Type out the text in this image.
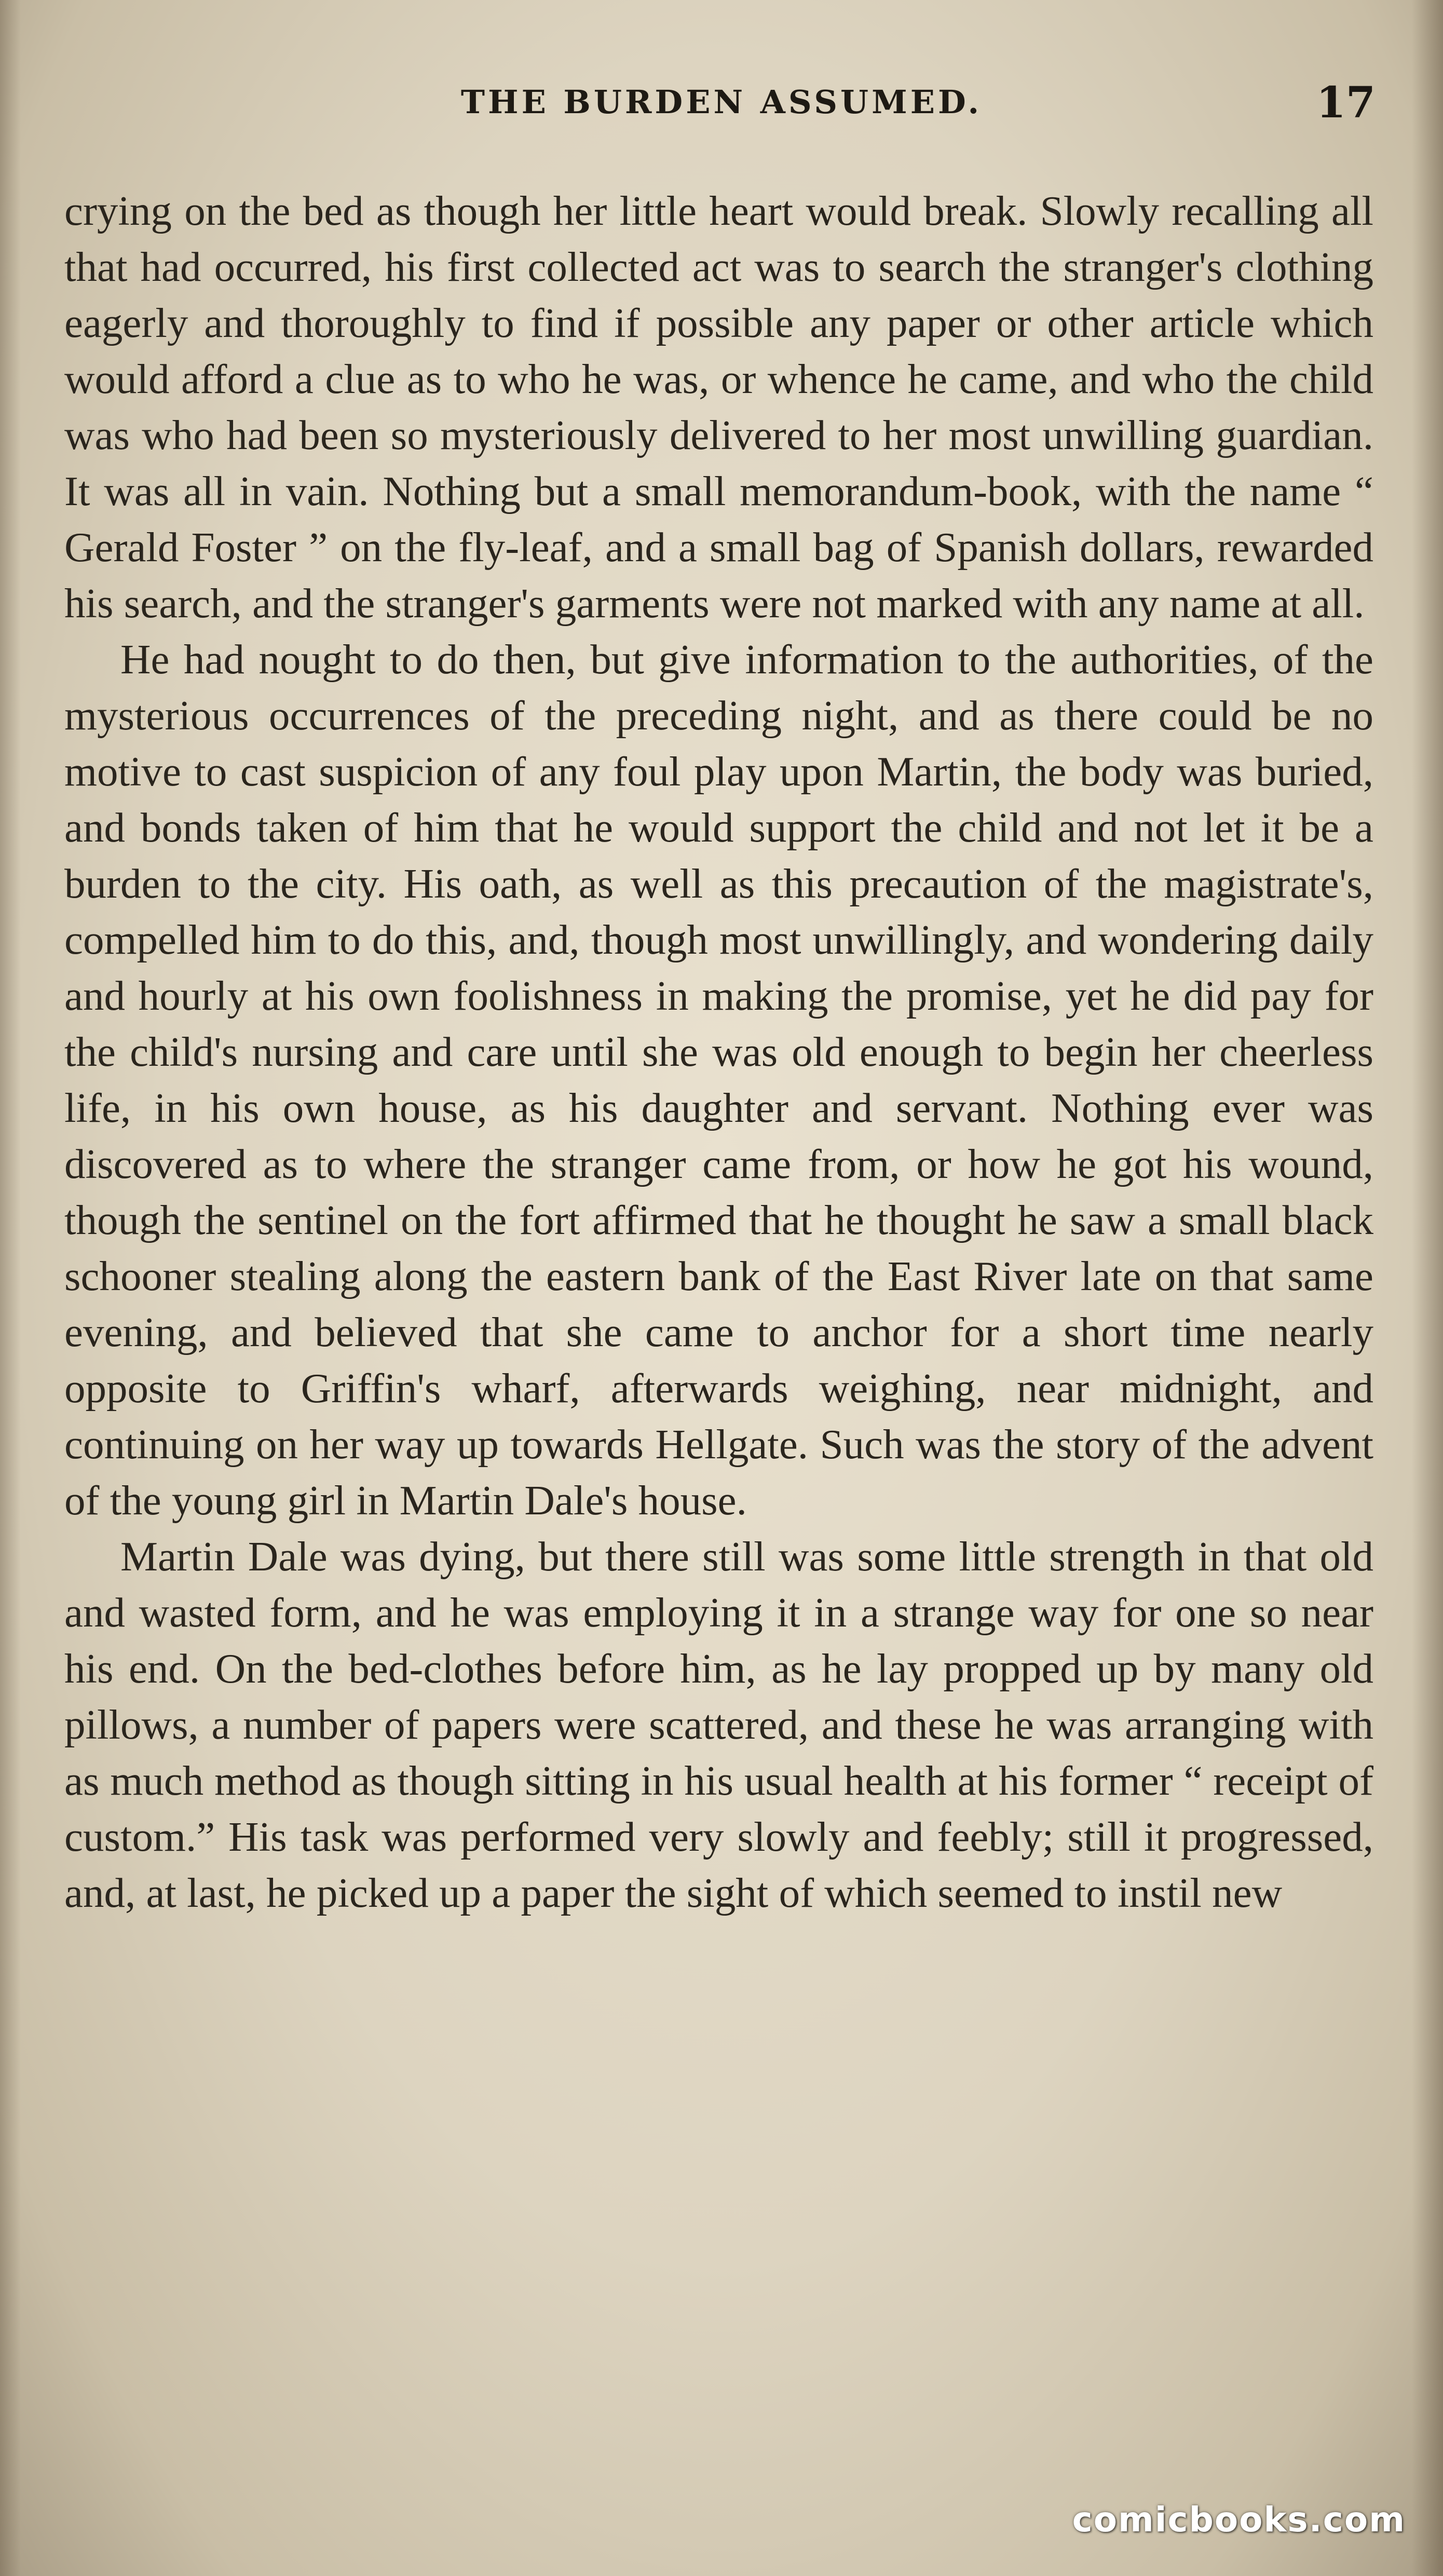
THE BURDEN ASSUMED.	17

crying on the bed as though her little heart would break. Slowly recalling all that had occurred, his first collected act was to search the stranger's clothing eagerly and thoroughly to find if possible any paper or other article which would afford a clue as to who he was, or whence he came, and who the child was who had been so mysteriously delivered to her most unwilling guardian. It was all in vain. Nothing but a small memorandum-book, with the name “ Gerald Foster ” on the fly-leaf, and a small bag of Spanish dollars, rewarded his search, and the stranger's garments were not marked with any name at all.

He had nought to do then, but give information to the authorities, of the mysterious occurrences of the preceding night, and as there could be no motive to cast suspicion of any foul play upon Martin, the body was buried, and bonds taken of him that he would support the child and not let it be a burden to the city. His oath, as well as this precaution of the magistrate's, compelled him to do this, and, though most unwillingly, and wondering daily and hourly at his own foolishness in making the promise, yet he did pay for the child's nursing and care until she was old enough to begin her cheerless life, in his own house, as his daughter and servant. Nothing ever was discovered as to where the stranger came from, or how he got his wound, though the sentinel on the fort affirmed that he thought he saw a small black schooner stealing along the eastern bank of the East River late on that same evening, and believed that she came to anchor for a short time nearly opposite to Griffin's wharf, afterwards weighing, near midnight, and continuing on her way up towards Hellgate. Such was the story of the advent of the young girl in Martin Dale's house.

Martin Dale was dying, but there still was some little strength in that old and wasted form, and he was employing it in a strange way for one so near his end. On the bed-clothes before him, as he lay propped up by many old pillows, a number of papers were scattered, and these he was arranging with as much method as though sitting in his usual health at his former “ receipt of custom.” His task was performed very slowly and feebly; still it progressed, and, at last, he picked up a paper the sight of which seemed to instil new

comicbooks.com
